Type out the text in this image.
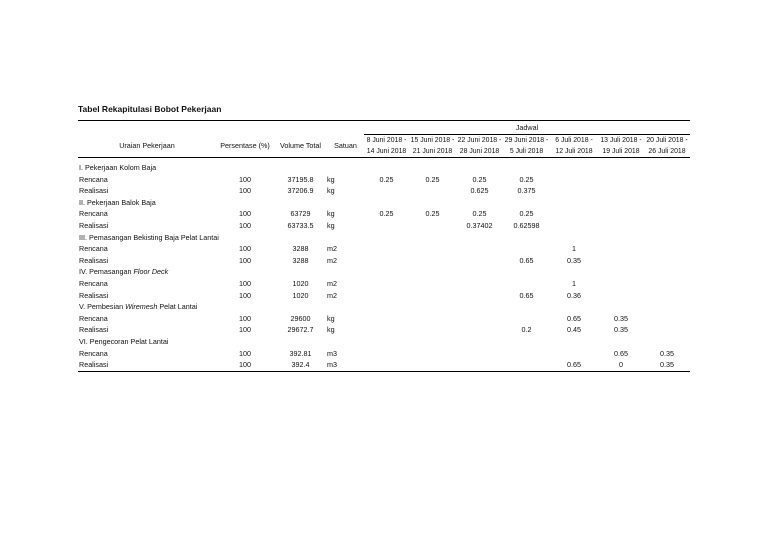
Tabel Rekapitulasi Bobot Pekerjaan
				Jadwal						
Uraian Pekerjaan	Persentase (%)	Volume Total	Satuan	8 Juni 2018 -	15 Juni 2018 -	22 Juni 2018 -	29 Juni 2018 -	6 Juli 2018 -	13 Juli 2018 -	20 Juli 2018 -
				14 Juni 2018	21 Juni 2018	28 Juni 2018	5 Juli 2018	12 Juli 2018	19 Juli 2018	26 Juli 2018

I. Pekerjaan Kolom Baja										
Rencana	100	37195.8	kg	0.25	0.25	0.25	0.25			
Realisasi	100	37206.9	kg			0.625	0.375			
II. Pekerjaan Balok Baja										
Rencana	100	63729	kg	0.25	0.25	0.25	0.25			
Realisasi	100	63733.5	kg			0.37402	0.62598			
III. Pemasangan Bekisting Baja Pelat Lantai										
Rencana	100	3288	m2					1		
Realisasi	100	3288	m2				0.65	0.35		
IV. Pemasangan Floor Deck										
Rencana	100	1020	m2					1		
Realisasi	100	1020	m2				0.65	0.36		
V. Pembesian Wiremesh Pelat Lantai										
Rencana	100	29600	kg					0.65	0.35	
Realisasi	100	29672.7	kg				0.2	0.45	0.35	
VI. Pengecoran Pelat Lantai										
Rencana	100	392.81	m3						0.65	0.35
Realisasi	100	392.4	m3					0.65	0	0.35
